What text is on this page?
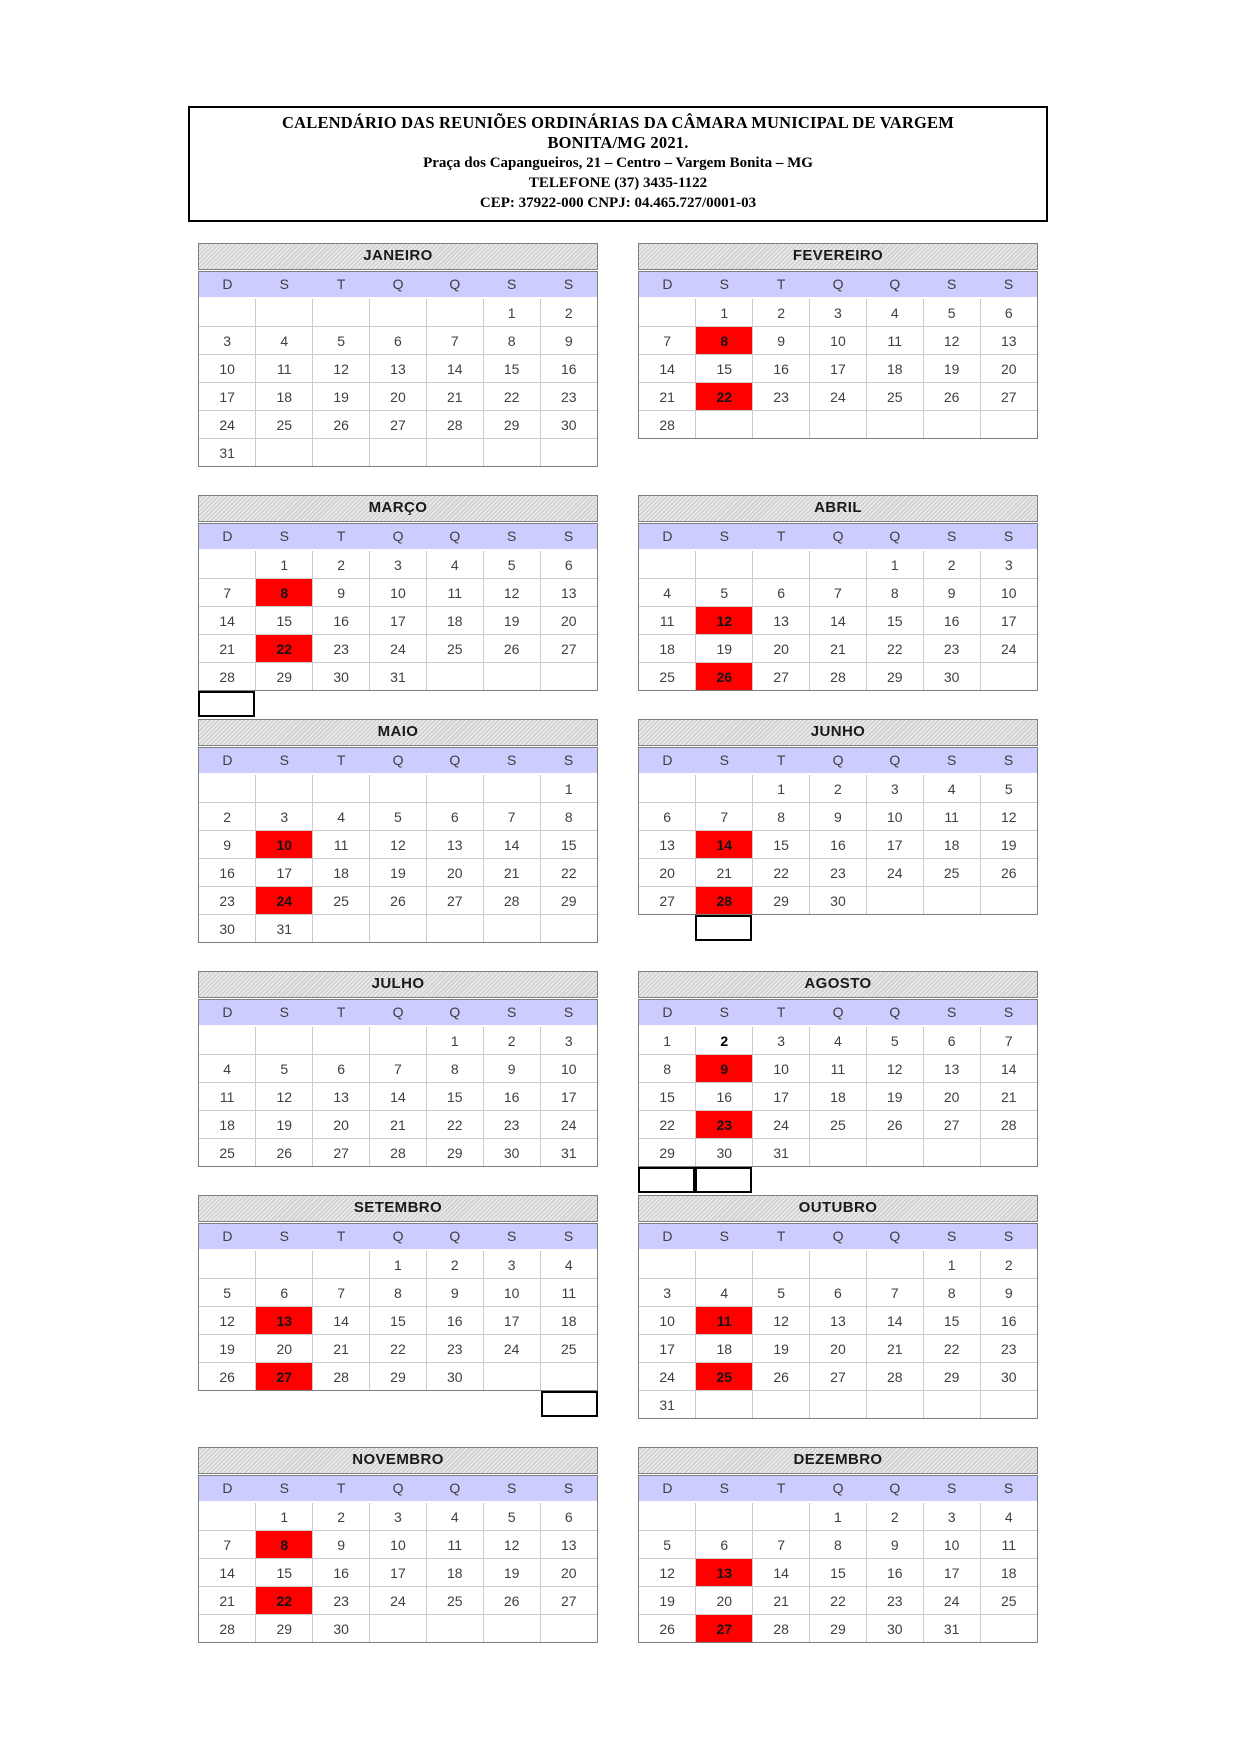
CALENDÁRIO DAS REUNIÕES ORDINÁRIAS DA CÂMARA MUNICIPAL DE VARGEM
BONITA/MG 2021.
Praça dos Capangueiros, 21 – Centro – Vargem Bonita – MG
TELEFONE (37) 3435-1122
CEP: 37922-000 CNPJ: 04.465.727/0001-03
JANEIRO
D	S	T	Q	Q	S	S
					1	2
3	4	5	6	7	8	9
10	11	12	13	14	15	16
17	18	19	20	21	22	23
24	25	26	27	28	29	30
31						
FEVEREIRO
D	S	T	Q	Q	S	S
	1	2	3	4	5	6
7	8	9	10	11	12	13
14	15	16	17	18	19	20
21	22	23	24	25	26	27
28						
MARÇO
D	S	T	Q	Q	S	S
	1	2	3	4	5	6
7	8	9	10	11	12	13
14	15	16	17	18	19	20
21	22	23	24	25	26	27
28	29	30	31			
ABRIL
D	S	T	Q	Q	S	S
				1	2	3
4	5	6	7	8	9	10
11	12	13	14	15	16	17
18	19	20	21	22	23	24
25	26	27	28	29	30	
MAIO
D	S	T	Q	Q	S	S
						1
2	3	4	5	6	7	8
9	10	11	12	13	14	15
16	17	18	19	20	21	22
23	24	25	26	27	28	29
30	31					
JUNHO
D	S	T	Q	Q	S	S
		1	2	3	4	5
6	7	8	9	10	11	12
13	14	15	16	17	18	19
20	21	22	23	24	25	26
27	28	29	30			
JULHO
D	S	T	Q	Q	S	S
				1	2	3
4	5	6	7	8	9	10
11	12	13	14	15	16	17
18	19	20	21	22	23	24
25	26	27	28	29	30	31
AGOSTO
D	S	T	Q	Q	S	S
1	2	3	4	5	6	7
8	9	10	11	12	13	14
15	16	17	18	19	20	21
22	23	24	25	26	27	28
29	30	31				
SETEMBRO
D	S	T	Q	Q	S	S
			1	2	3	4
5	6	7	8	9	10	11
12	13	14	15	16	17	18
19	20	21	22	23	24	25
26	27	28	29	30		
OUTUBRO
D	S	T	Q	Q	S	S
					1	2
3	4	5	6	7	8	9
10	11	12	13	14	15	16
17	18	19	20	21	22	23
24	25	26	27	28	29	30
31						
NOVEMBRO
D	S	T	Q	Q	S	S
	1	2	3	4	5	6
7	8	9	10	11	12	13
14	15	16	17	18	19	20
21	22	23	24	25	26	27
28	29	30				
DEZEMBRO
D	S	T	Q	Q	S	S
			1	2	3	4
5	6	7	8	9	10	11
12	13	14	15	16	17	18
19	20	21	22	23	24	25
26	27	28	29	30	31	
